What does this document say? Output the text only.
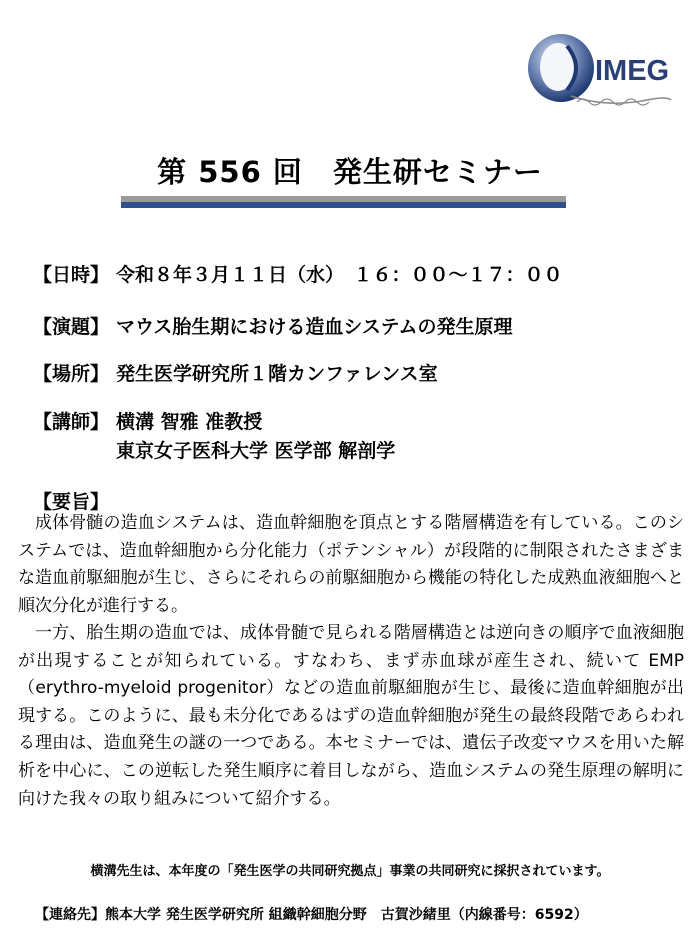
IMEG
第 556 回　発生研セミナー
【日時】 令和８年３月１１日（水）　１６：００～１７：００
【演題】 マウス胎生期における造血システムの発生原理
【場所】 発生医学研究所１階カンファレンス室
【講師】 横溝 智雅 准教授
東京女子医科大学 医学部 解剖学
【要旨】

成体骨髄の造血システムは、造血幹細胞を頂点とする階層構造を有している。このシステムでは、造血幹細胞から分化能力（ポテンシャル）が段階的に制限されたさまざまな造血前駆細胞が生じ、さらにそれらの前駆細胞から機能の特化した成熟血液細胞へと順次分化が進行する。

一方、胎生期の造血では、成体骨髄で見られる階層構造とは逆向きの順序で血液細胞が出現することが知られている。すなわち、まず赤血球が産生され、続いて EMP（erythro-myeloid progenitor）などの造血前駆細胞が生じ、最後に造血幹細胞が出現する。このように、最も未分化であるはずの造血幹細胞が発生の最終段階であらわれる理由は、造血発生の謎の一つである。本セミナーでは、遺伝子改変マウスを用いた解析を中心に、この逆転した発生順序に着目しながら、造血システムの発生原理の解明に向けた我々の取り組みについて紹介する。

横溝先生は、本年度の「発生医学の共同研究拠点」事業の共同研究に採択されています。
【連絡先】熊本大学 発生医学研究所 組織幹細胞分野　古賀沙緒里（内線番号：6592）
